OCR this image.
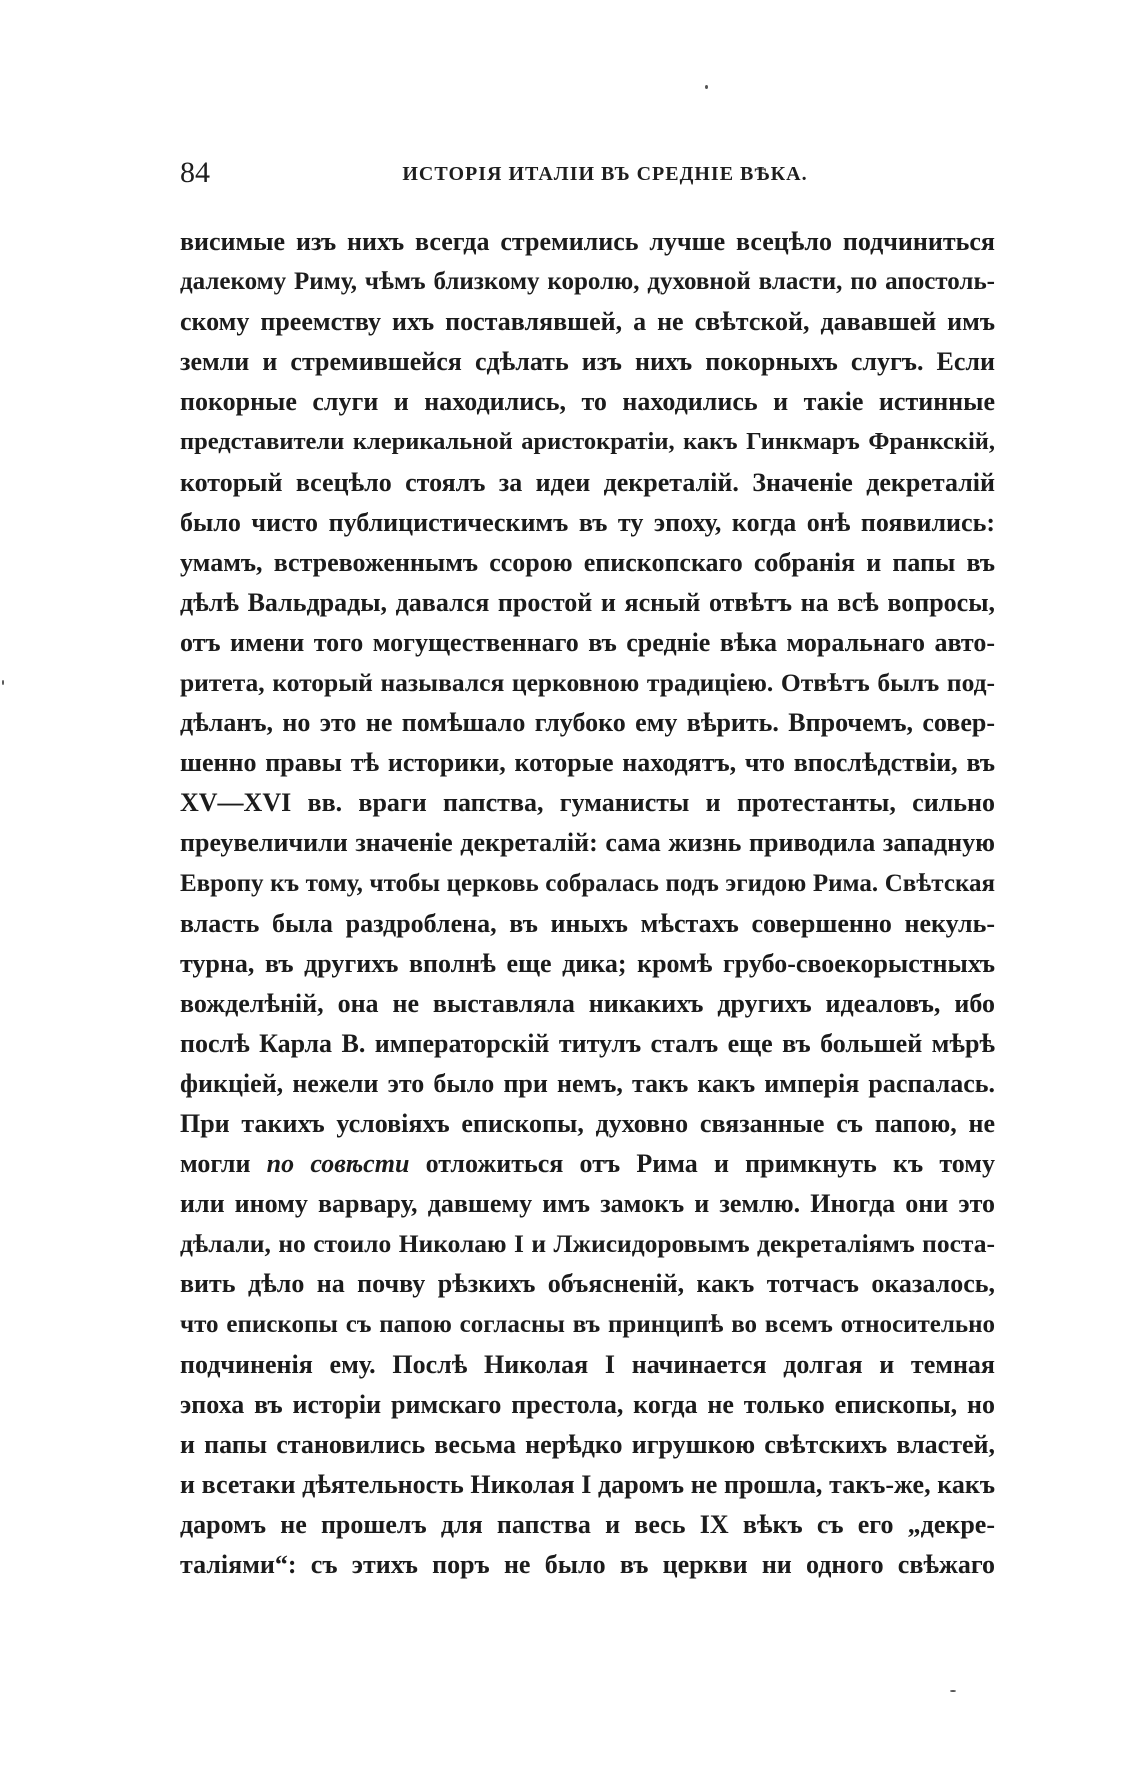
84	ИСТОРІЯ ИТАЛІИ ВЪ СРЕДНІЕ ВѢКА.
висимые изъ нихъ всегда стремились лучше всецѣло подчиниться
далекому Риму, чѣмъ близкому королю, духовной власти, по апостоль-
скому преемству ихъ поставлявшей, а не свѣтской, дававшей имъ
земли и стремившейся сдѣлать изъ нихъ покорныхъ слугъ. Если
покорные слуги и находились, то находились и такіе истинные
представители клерикальной аристократіи, какъ Гинкмаръ Франкскій,
который всецѣло стоялъ за идеи декреталій. Значеніе декреталій
было чисто публицистическимъ въ ту эпоху, когда онѣ появились:
умамъ, встревоженнымъ ссорою епископскаго собранія и папы въ
дѣлѣ Вальдрады, давался простой и ясный отвѣтъ на всѣ вопросы,
отъ имени того могущественнаго въ средніе вѣка моральнаго авто-
ритета, который назывался церковною традиціею. Отвѣтъ былъ под-
дѣланъ, но это не помѣшало глубоко ему вѣрить. Впрочемъ, совер-
шенно правы тѣ историки, которые находятъ, что впослѣдствіи, въ
XV—XVI вв. враги папства, гуманисты и протестанты, сильно
преувеличили значеніе декреталій: сама жизнь приводила западную
Европу къ тому, чтобы церковь собралась подъ эгидою Рима. Свѣтская
власть была раздроблена, въ иныхъ мѣстахъ совершенно некуль-
турна, въ другихъ вполнѣ еще дика; кромѣ грубо-своекорыстныхъ
вожделѣній, она не выставляла никакихъ другихъ идеаловъ, ибо
послѣ Карла В. императорскій титулъ сталъ еще въ большей мѣрѣ
фикціей, нежели это было при немъ, такъ какъ имперія распалась.
При такихъ условіяхъ епископы, духовно связанные съ папою, не
могли по совѣсти отложиться отъ Рима и примкнуть къ тому
или иному варвару, давшему имъ замокъ и землю. Иногда они это
дѣлали, но стоило Николаю I и Лжисидоровымъ декреталіямъ поста-
вить дѣло на почву рѣзкихъ объясненій, какъ тотчасъ оказалось,
что епископы съ папою согласны въ принципѣ во всемъ относительно
подчиненія ему. Послѣ Николая I начинается долгая и темная
эпоха въ исторіи римскаго престола, когда не только епископы, но
и папы становились весьма нерѣдко игрушкою свѣтскихъ властей,
и всетаки дѣятельность Николая I даромъ не прошла, такъ-же, какъ
даромъ не прошелъ для папства и весь IX вѣкъ съ его „декре-
таліями“: съ этихъ поръ не было въ церкви ни одного свѣжаго
